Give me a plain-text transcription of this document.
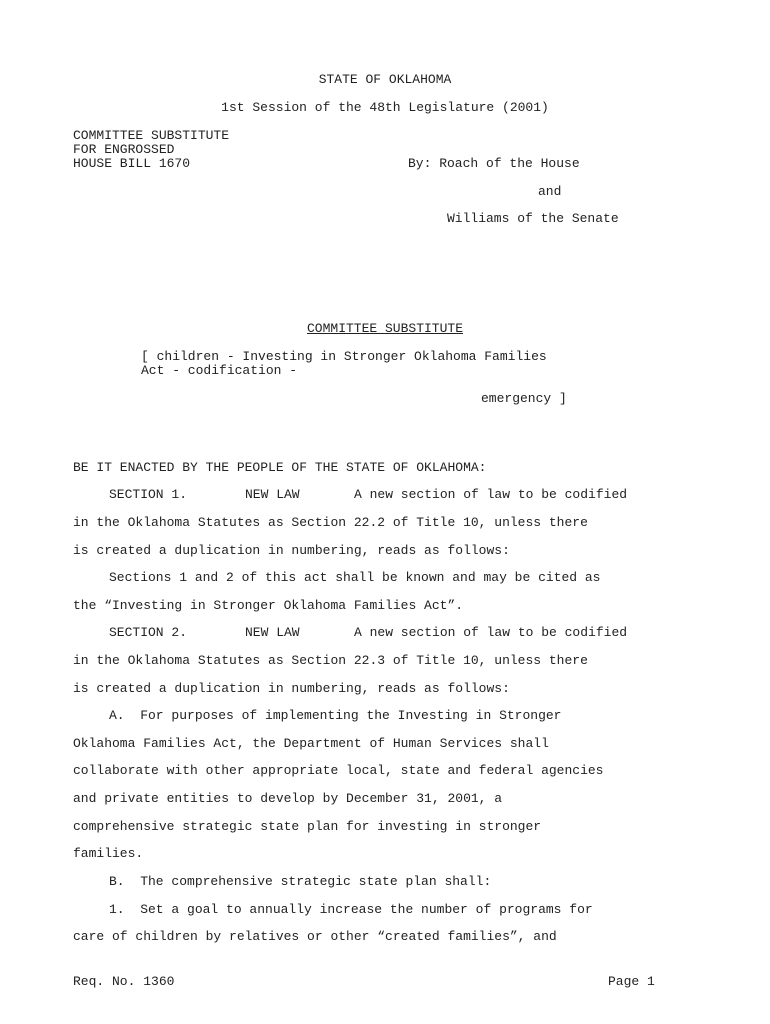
STATE OF OKLAHOMA
1st Session of the 48th Legislature (2001)
COMMITTEE SUBSTITUTE
FOR ENGROSSED
HOUSE BILL 1670	By: Roach of the House
and
Williams of the Senate
COMMITTEE SUBSTITUTE
[ children - Investing in Stronger Oklahoma Families
Act - codification -
emergency ]
BE IT ENACTED BY THE PEOPLE OF THE STATE OF OKLAHOMA:
SECTION 1.	NEW LAW	A new section of law to be codified
in the Oklahoma Statutes as Section 22.2 of Title 10, unless there
is created a duplication in numbering, reads as follows:
Sections 1 and 2 of this act shall be known and may be cited as
the “Investing in Stronger Oklahoma Families Act”.
SECTION 2.	NEW LAW	A new section of law to be codified
in the Oklahoma Statutes as Section 22.3 of Title 10, unless there
is created a duplication in numbering, reads as follows:
A.  For purposes of implementing the Investing in Stronger
Oklahoma Families Act, the Department of Human Services shall
collaborate with other appropriate local, state and federal agencies
and private entities to develop by December 31, 2001, a
comprehensive strategic state plan for investing in stronger
families.
B.  The comprehensive strategic state plan shall:
1.  Set a goal to annually increase the number of programs for
care of children by relatives or other “created families”, and
Req. No. 1360	Page 1
